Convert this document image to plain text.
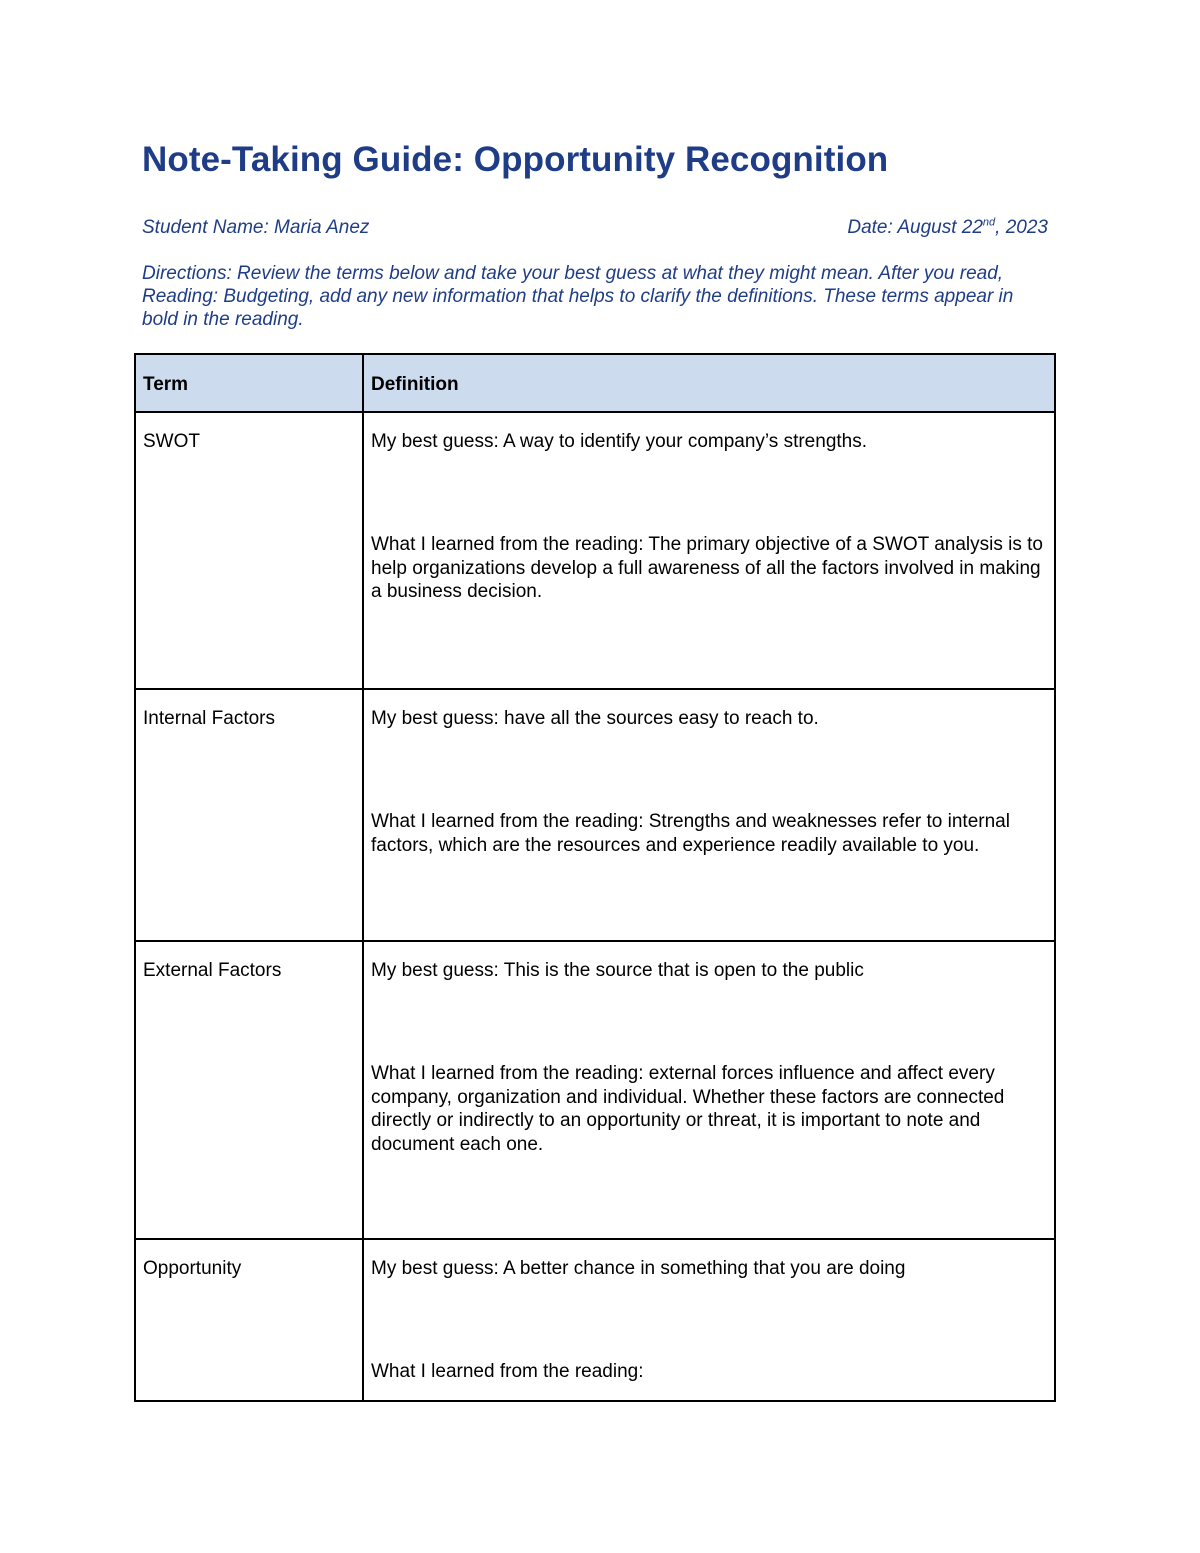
Note-Taking Guide: Opportunity Recognition
Student Name: Maria Anez	Date: August 22nd, 2023

Directions: Review the terms below and take your best guess at what they might mean. After you read, Reading: Budgeting, add any new information that helps to clarify the definitions. These terms appear in bold in the reading.

Term	Definition
SWOT	My best guess: A way to identify your company’s strengths.

What I learned from the reading: The primary objective of a SWOT analysis is to help organizations develop a full awareness of all the factors involved in making a business decision.

Internal Factors	My best guess: have all the sources easy to reach to.

What I learned from the reading: Strengths and weaknesses refer to internal factors, which are the resources and experience readily available to you.

External Factors	My best guess: This is the source that is open to the public

What I learned from the reading: external forces influence and affect every company, organization and individual. Whether these factors are connected directly or indirectly to an opportunity or threat, it is important to note and document each one.

Opportunity	My best guess: A better chance in something that you are doing

What I learned from the reading:
